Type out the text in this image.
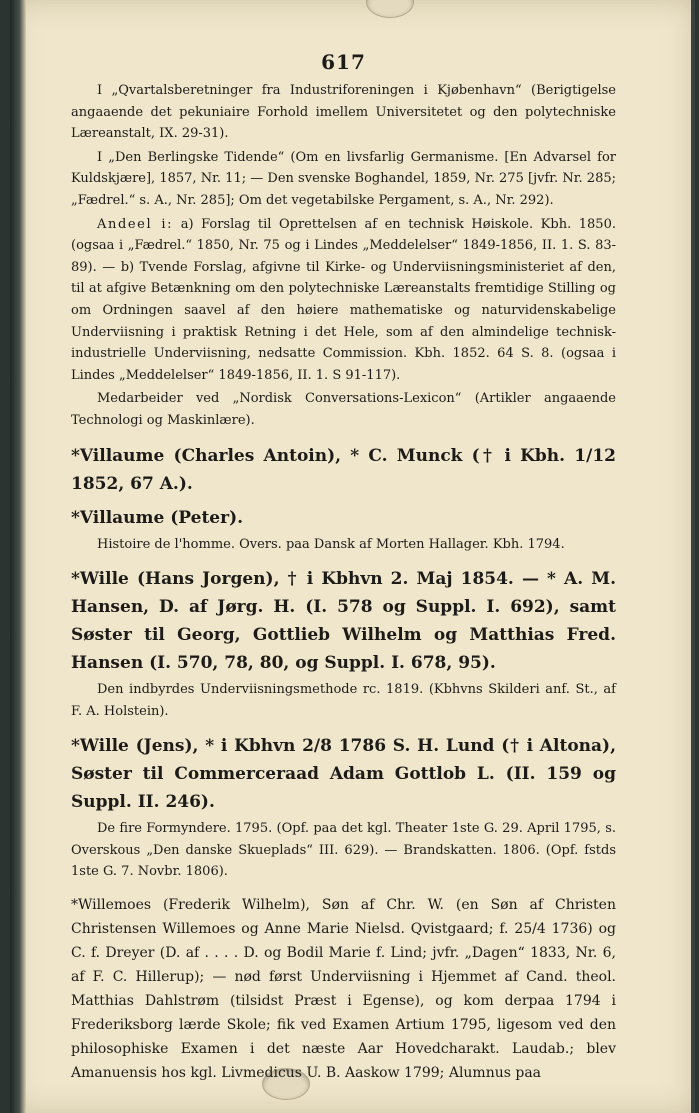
617

I „Qvartalsberetninger fra Industriforeningen i Kjøbenhavn“ (Berigtigelse angaaende det pekuniaire Forhold imellem Universitetet og den polytechniske Læreanstalt, IX. 29-31).

I „Den Berlingske Tidende“ (Om en livsfarlig Germanisme. [En Advarsel for Kuldskjære], 1857, Nr. 11; — Den svenske Boghandel, 1859, Nr. 275 [jvfr. Nr. 285; „Fædrel.“ s. A., Nr. 285]; Om det vegetabilske Pergament, s. A., Nr. 292).

Andeel i: a) Forslag til Oprettelsen af en technisk Høiskole. Kbh. 1850. (ogsaa i „Fædrel.“ 1850, Nr. 75 og i Lindes „Meddelelser“ 1849-1856, II. 1. S. 83-89). — b) Tvende Forslag, afgivne til Kirke- og Underviisningsministeriet af den, til at afgive Betænkning om den polytechniske Læreanstalts fremtidige Stilling og om Ordningen saavel af den høiere mathematiske og naturvidenskabelige Underviisning i praktisk Retning i det Hele, som af den almindelige technisk-industrielle Underviisning, nedsatte Commission. Kbh. 1852. 64 S. 8. (ogsaa i Lindes „Meddelelser“ 1849-1856, II. 1. S 91-117).

Medarbeider ved „Nordisk Conversations-Lexicon“ (Artikler angaaende Technologi og Maskinlære).

*Villaume (Charles Antoin), * C. Munck († i Kbh. 1/12 1852, 67 A.).

*Villaume (Peter).

Histoire de l'homme. Overs. paa Dansk af Morten Hallager. Kbh. 1794.

*Wille (Hans Jorgen), † i Kbhvn 2. Maj 1854. — * A. M. Hansen, D. af Jørg. H. (I. 578 og Suppl. I. 692), samt Søster til Georg, Gottlieb Wilhelm og Matthias Fred. Hansen (I. 570, 78, 80, og Suppl. I. 678, 95).

Den indbyrdes Underviisningsmethode rc. 1819. (Kbhvns Skilderi anf. St., af F. A. Holstein).

*Wille (Jens), * i Kbhvn 2/8 1786 S. H. Lund († i Altona), Søster til Commerceraad Adam Gottlob L. (II. 159 og Suppl. II. 246).

De fire Formyndere. 1795. (Opf. paa det kgl. Theater 1ste G. 29. April 1795, s. Overskous „Den danske Skueplads“ III. 629). — Brandskatten. 1806. (Opf. fstds 1ste G. 7. Novbr. 1806).

*Willemoes (Frederik Wilhelm), Søn af Chr. W. (en Søn af Christen Christensen Willemoes og Anne Marie Nielsd. Qvistgaard; f. 25/4 1736) og C. f. Dreyer (D. af . . . . D. og Bodil Marie f. Lind; jvfr. „Dagen“ 1833, Nr. 6, af F. C. Hillerup); — nød først Underviisning i Hjemmet af Cand. theol. Matthias Dahlstrøm (tilsidst Præst i Egense), og kom derpaa 1794 i Frederiksborg lærde Skole; fik ved Examen Artium 1795, ligesom ved den philosophiske Examen i det næste Aar Hovedcharakt. Laudab.; blev Amanuensis hos kgl. Livmedicus U. B. Aaskow 1799; Alumnus paa
